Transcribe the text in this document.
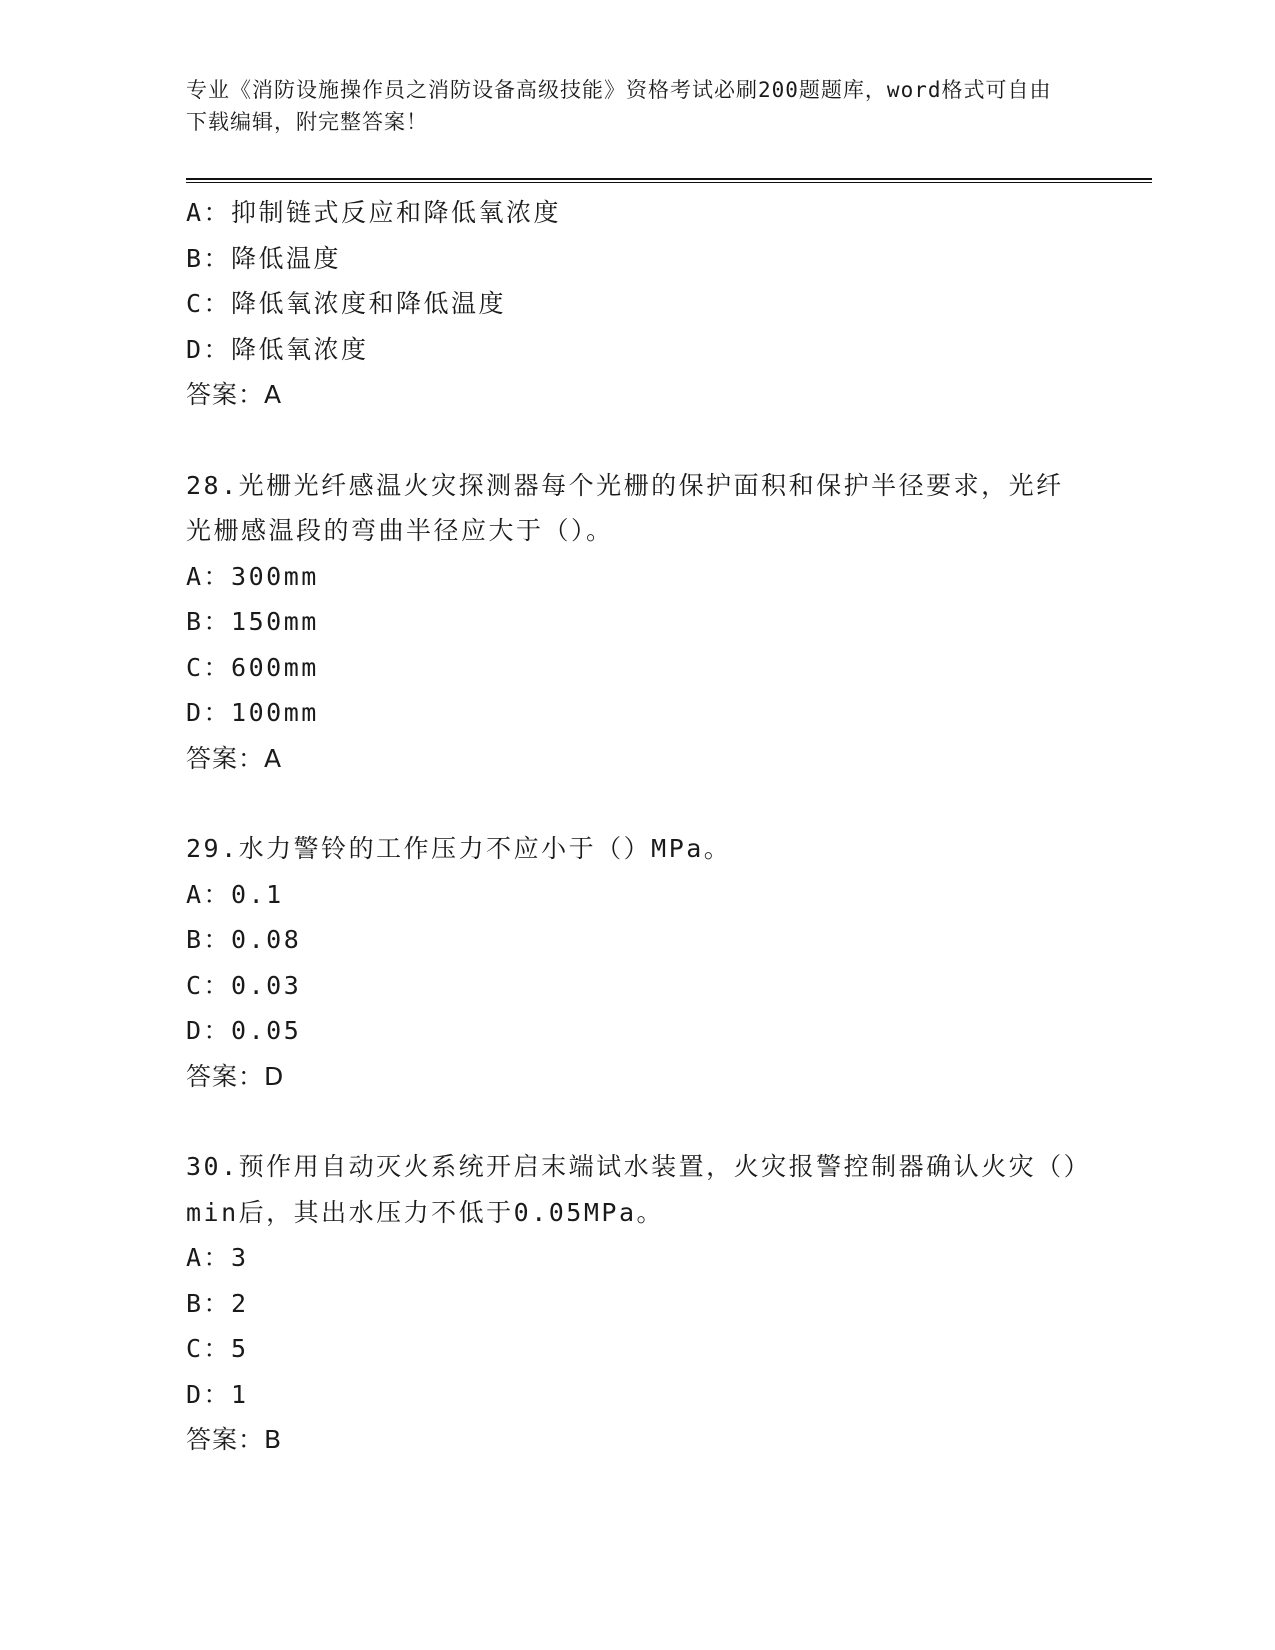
专业《消防设施操作员之消防设备高级技能》资格考试必刷200题题库，word格式可自由下载编辑，附完整答案！
A：抑制链式反应和降低氧浓度
B：降低温度
C：降低氧浓度和降低温度
D：降低氧浓度
答案：A
28.光栅光纤感温火灾探测器每个光栅的保护面积和保护半径要求，光纤光栅感温段的弯曲半径应大于（）。
A：300mm
B：150mm
C：600mm
D：100mm
答案：A
29.水力警铃的工作压力不应小于（）MPa。
A：0.1
B：0.08
C：0.03
D：0.05
答案：D
30.预作用自动灭火系统开启末端试水装置，火灾报警控制器确认火灾（）min后，其出水压力不低于0.05MPa。
A：3
B：2
C：5
D：1
答案：B
